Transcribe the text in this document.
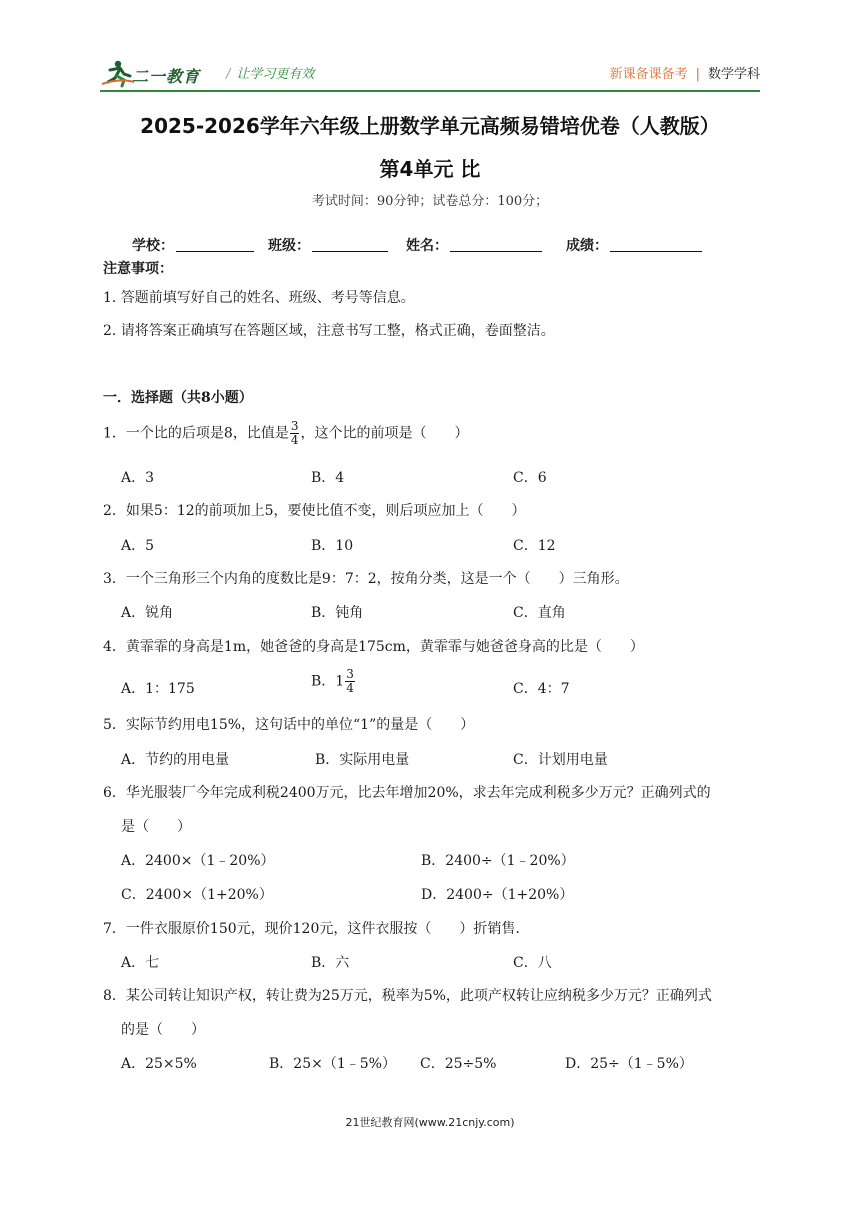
二一教育 / 让学习更有效	新课备课备考 | 数学学科
2025-2026学年六年级上册数学单元高频易错培优卷（人教版）
第4单元 比
考试时间：90分钟；试卷总分：100分；
学校：	班级：	姓名：	成绩：
注意事项：
1. 答题前填写好自己的姓名、班级、考号等信息。
2. 请将答案正确填写在答题区域，注意书写工整，格式正确，卷面整洁。
一．选择题（共8小题）
1．一个比的后项是8，比值是 $\frac{3}{4}$ ，这个比的前项是（　　）
A．3	B．4	C．6
2．如果5：12的前项加上5，要使比值不变，则后项应加上（　　）
A．5	B．10	C．12
3．一个三角形三个内角的度数比是9：7：2，按角分类，这是一个（　　）三角形。
A．锐角	B．钝角	C．直角
4．黄霏霏的身高是1m，她爸爸的身高是175cm，黄霏霏与她爸爸身高的比是（　　）
A．1：175	B．$1 \frac{3}{4}$	C．4：7
5．实际节约用电15%，这句话中的单位“1”的量是（　　）
A．节约的用电量	B．实际用电量	C．计划用电量
6．华光服装厂今年完成利税2400万元，比去年增加20%，求去年完成利税多少万元？正确列式的
是（　　）
A．2400×（1﹣20%）	B．2400÷（1﹣20%）
C．2400×（1+20%）	D．2400÷（1+20%）
7．一件衣服原价150元，现价120元，这件衣服按（　　）折销售.
A．七	B．六	C．八
8．某公司转让知识产权，转让费为25万元，税率为5%，此项产权转让应纳税多少万元？正确列式
的是（　　）
A．25×5%	B．25×（1﹣5%） C．25÷5%	D．25÷（1﹣5%）
21世纪教育网(www.21cnjy.com)
